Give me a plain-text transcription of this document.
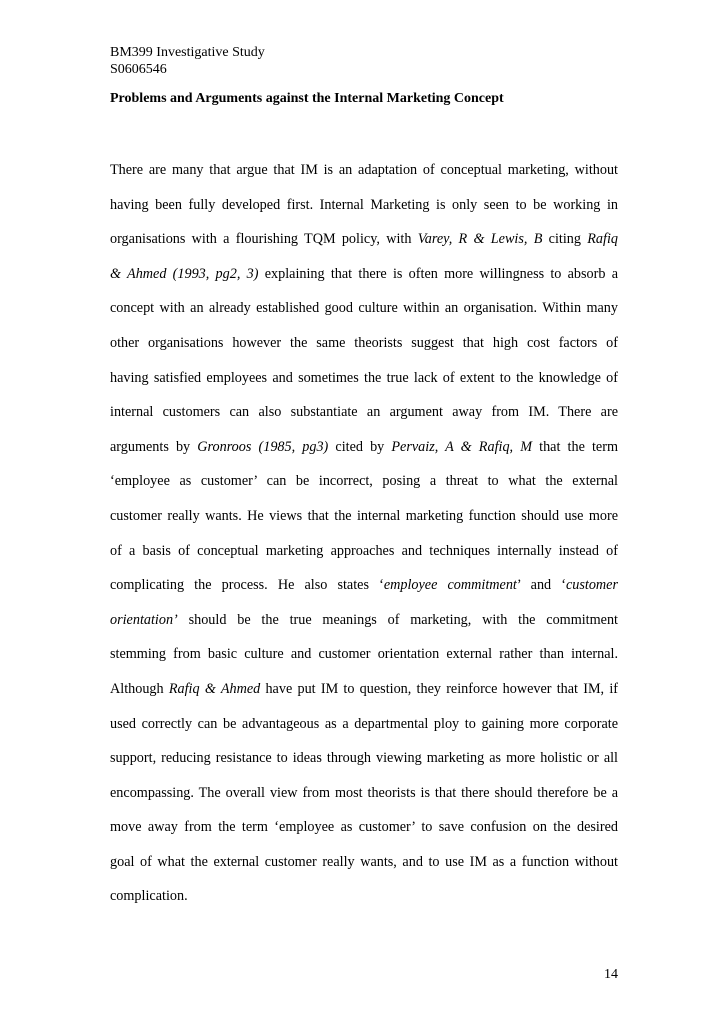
BM399 Investigative Study
S0606546
Problems and Arguments against the Internal Marketing Concept
There are many that argue that IM is an adaptation of conceptual marketing, without
having been fully developed first. Internal Marketing is only seen to be working in
organisations with a flourishing TQM policy, with Varey, R & Lewis, B citing Rafiq
& Ahmed (1993, pg2, 3) explaining that there is often more willingness to absorb a
concept with an already established good culture within an organisation. Within many
other organisations however the same theorists suggest that high cost factors of
having satisfied employees and sometimes the true lack of extent to the knowledge of
internal customers can also substantiate an argument away from IM. There are
arguments by Gronroos (1985, pg3) cited by Pervaiz, A & Rafiq, M that the term
‘employee as customer’ can be incorrect, posing a threat to what the external
customer really wants. He views that the internal marketing function should use more
of a basis of conceptual marketing approaches and techniques internally instead of
complicating the process. He also states ‘employee commitment’ and ‘customer
orientation’ should be the true meanings of marketing, with the commitment
stemming from basic culture and customer orientation external rather than internal.
Although Rafiq & Ahmed have put IM to question, they reinforce however that IM, if
used correctly can be advantageous as a departmental ploy to gaining more corporate
support, reducing resistance to ideas through viewing marketing as more holistic or all
encompassing. The overall view from most theorists is that there should therefore be a
move away from the term ‘employee as customer’ to save confusion on the desired
goal of what the external customer really wants, and to use IM as a function without
complication.
14
